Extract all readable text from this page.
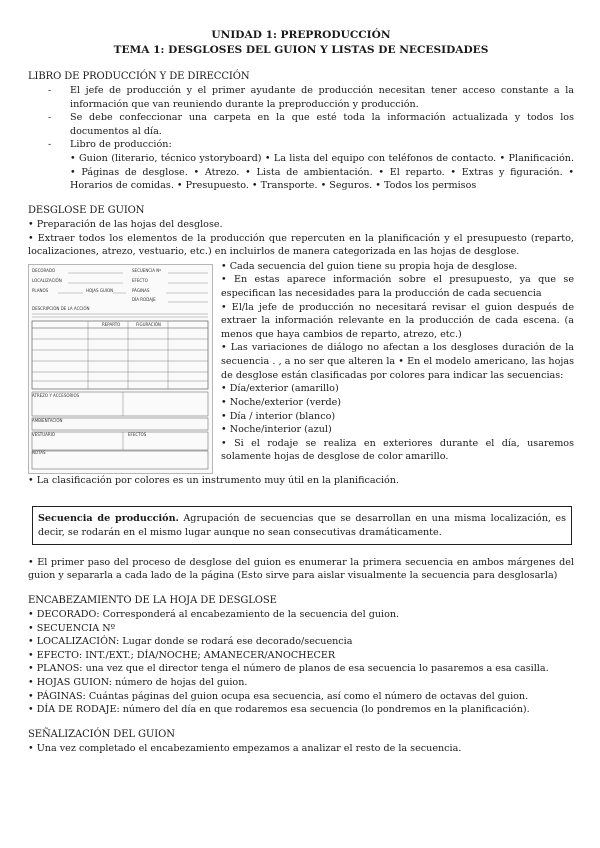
UNIDAD 1: PREPRODUCCIÓN

TEMA 1: DESGLOSES DEL GUION Y LISTAS DE NECESIDADES

LIBRO DE PRODUCCIÓN Y DE DIRECCIÓN

- El jefe de producción y el primer ayudante de producción necesitan tener acceso constante a la información que van reuniendo durante la preproducción y producción.
- Se debe confeccionar una carpeta en la que esté toda la información actualizada y todos los documentos al día.
- Libro de producción:

• Guion (literario, técnico ystoryboard) • La lista del equipo con teléfonos de contacto. • Planificación. • Páginas de desglose. • Atrezo. • Lista de ambientación. • El reparto. • Extras y figuración. • Horarios de comidas. • Presupuesto. • Transporte. • Seguros. • Todos los permisos

DESGLOSE DE GUION

• Preparación de las hojas del desglose.

• Extraer todos los elementos de la producción que repercuten en la planificación y el presupuesto (reparto, localizaciones, atrezo, vestuario, etc.) en incluirlos de manera categorizada en las hojas de desglose.

DECORADO	SECUENCIA Nº
LOCALIZACIÓN	EFECTO
PLANOS	HOJAS GUION	PÁGINAS
DÍA RODAJE
DESCRIPCIÓN DE LA ACCIÓN
REPARTO	FIGURACIÓN
ATREZO Y ACCESORIOS
VESTUARIO	EFECTOS
AMBIENTACIÓN
NOTAS

• Cada secuencia del guion tiene su propia hoja de desglose.

• En estas aparece información sobre el presupuesto, ya que se especifican las necesidades para la producción de cada secuencia

• El/la jefe de producción no necesitará revisar el guion después de extraer la información relevante en la producción de cada escena. (a menos que haya cambios de reparto, atrezo, etc.)

• Las variaciones de diálogo no afectan a los desgloses duración de la secuencia . , a no ser que alteren la • En el modelo americano, las hojas de desglose están clasificadas por colores para indicar las secuencias:

• Día/exterior (amarillo)

• Noche/exterior (verde)

• Día / interior (blanco)

• Noche/interior (azul)

• Si el rodaje se realiza en exteriores durante el día, usaremos solamente hojas de desglose de color amarillo.

• La clasificación por colores es un instrumento muy útil en la planificación.

Secuencia de producción. Agrupación de secuencias que se desarrollan en una misma localización, es decir, se rodarán en el mismo lugar aunque no sean consecutivas dramáticamente.

• El primer paso del proceso de desglose del guion es enumerar la primera secuencia en ambos márgenes del guion y separarla a cada lado de la página (Esto sirve para aislar visualmente la secuencia para desglosarla)

ENCABEZAMIENTO DE LA HOJA DE DESGLOSE

• DECORADO: Corresponderá al encabezamiento de la secuencia del guion.

• SECUENCIA Nº

• LOCALIZACIÓN: Lugar donde se rodará ese decorado/secuencia

• EFECTO: INT./EXT.; DÍA/NOCHE; AMANECER/ANOCHECER

• PLANOS: una vez que el director tenga el número de planos de esa secuencia lo pasaremos a esa casilla.

• HOJAS GUION: número de hojas del guion.

• PÁGINAS: Cuántas páginas del guion ocupa esa secuencia, así como el número de octavas del guion.

• DÍA DE RODAJE: número del día en que rodaremos esa secuencia (lo pondremos en la planificación).

SEÑALIZACIÓN DEL GUION

• Una vez completado el encabezamiento empezamos a analizar el resto de la secuencia.
